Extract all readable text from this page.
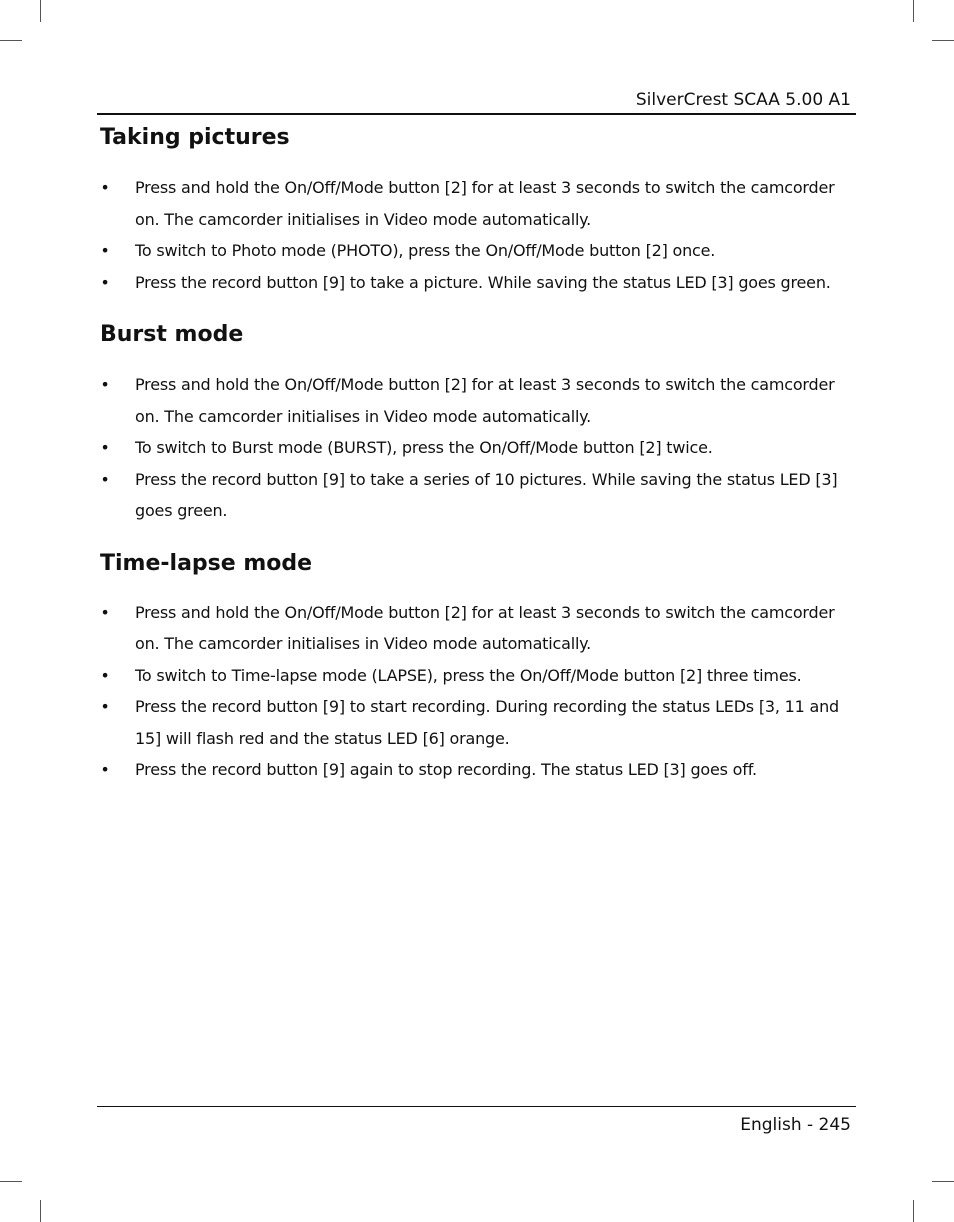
SilverCrest SCAA 5.00 A1
Taking pictures
• Press and hold the On/Off/Mode button [2] for at least 3 seconds to switch the camcorder on. The camcorder initialises in Video mode automatically.
• To switch to Photo mode (PHOTO), press the On/Off/Mode button [2] once.
• Press the record button [9] to take a picture. While saving the status LED [3] goes green.
Burst mode
• Press and hold the On/Off/Mode button [2] for at least 3 seconds to switch the camcorder on. The camcorder initialises in Video mode automatically.
• To switch to Burst mode (BURST), press the On/Off/Mode button [2] twice.
• Press the record button [9] to take a series of 10 pictures. While saving the status LED [3] goes green.
Time-lapse mode
• Press and hold the On/Off/Mode button [2] for at least 3 seconds to switch the camcorder on. The camcorder initialises in Video mode automatically.
• To switch to Time-lapse mode (LAPSE), press the On/Off/Mode button [2] three times.
• Press the record button [9] to start recording. During recording the status LEDs [3, 11 and 15] will flash red and the status LED [6] orange.
• Press the record button [9] again to stop recording. The status LED [3] goes off.
English - 245
